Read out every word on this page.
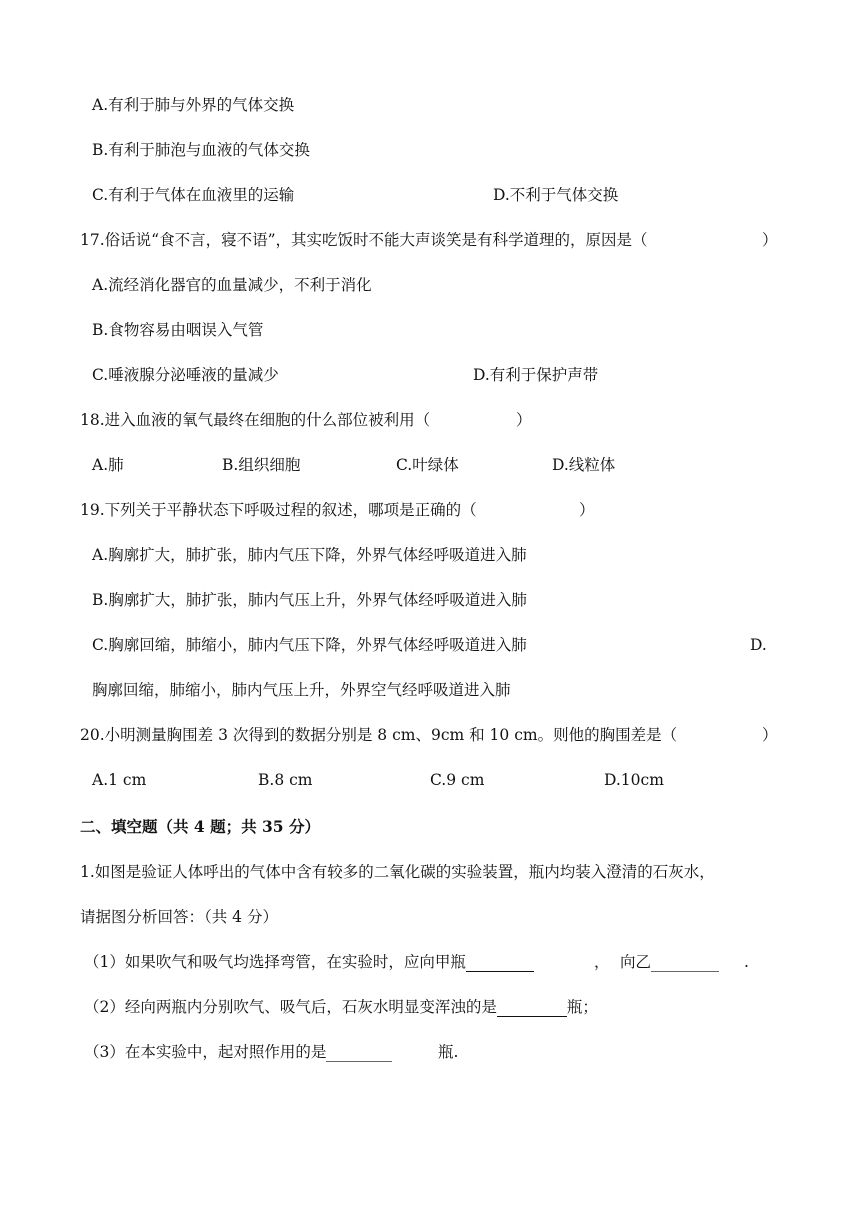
A.有利于肺与外界的气体交换
B.有利于肺泡与血液的气体交换
C.有利于气体在血液里的运输	D.不利于气体交换
17.俗话说“食不言，寝不语”，其实吃饭时不能大声谈笑是有科学道理的，原因是（	）
A.流经消化器官的血量减少，不利于消化
B.食物容易由咽误入气管
C.唾液腺分泌唾液的量减少	D.有利于保护声带
18.进入血液的氧气最终在细胞的什么部位被利用（	）
A.肺	B.组织细胞	C.叶绿体	D.线粒体
19.下列关于平静状态下呼吸过程的叙述，哪项是正确的（	）
A.胸廓扩大，肺扩张，肺内气压下降，外界气体经呼吸道进入肺
B.胸廓扩大，肺扩张，肺内气压上升，外界气体经呼吸道进入肺
C.胸廓回缩，肺缩小，肺内气压下降，外界气体经呼吸道进入肺	D.
胸廓回缩，肺缩小，肺内气压上升，外界空气经呼吸道进入肺
20.小明测量胸围差 3 次得到的数据分别是 8 cm、9cm 和 10 cm。则他的胸围差是（	）
A.1 cm	B.8 cm	C.9 cm	D.10cm
二、填空题（共 4 题；共 35 分）
1.如图是验证人体呼出的气体中含有较多的二氧化碳的实验装置，瓶内均装入澄清的石灰水，
请据图分析回答：（共 4 分）
（1）如果吹气和吸气均选择弯管，在实验时，应向甲瓶	， 向乙	.
（2）经向两瓶内分别吹气、吸气后，石灰水明显变浑浊的是	瓶；
（3）在本实验中，起对照作用的是	瓶.
